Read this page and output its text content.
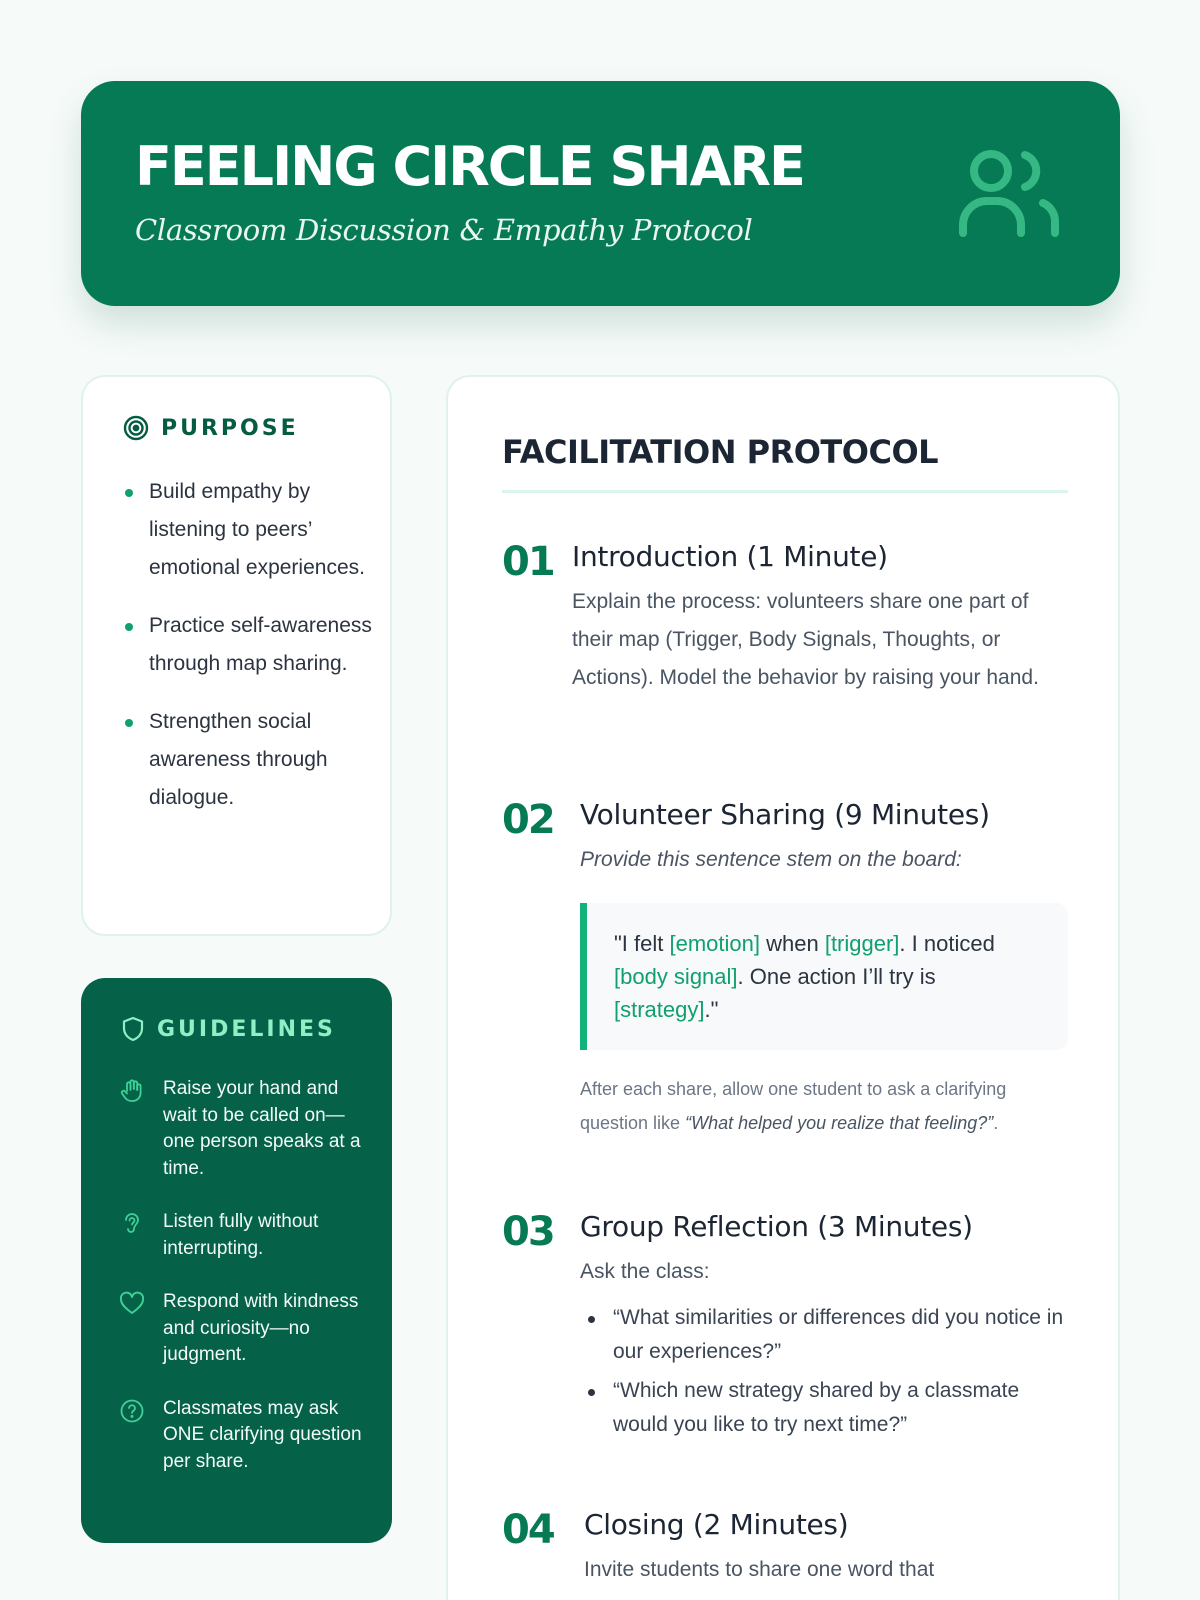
FEELING CIRCLE SHARE
Classroom Discussion & Empathy Protocol
PURPOSE
Build empathy by listening to peers’ emotional experiences.
Practice self-awareness through map sharing.
Strengthen social awareness through dialogue.
GUIDELINES
Raise your hand and wait to be called on—one person speaks at a time.
Listen fully without interrupting.
Respond with kindness and curiosity—no judgment.
Classmates may ask ONE clarifying question per share.
FACILITATION PROTOCOL
01 Introduction (1 Minute)
Explain the process: volunteers share one part of their map (Trigger, Body Signals, Thoughts, or Actions). Model the behavior by raising your hand.
02 Volunteer Sharing (9 Minutes)
Provide this sentence stem on the board:
"I felt [emotion] when [trigger]. I noticed [body signal]. One action I’ll try is [strategy]."
After each share, allow one student to ask a clarifying question like “What helped you realize that feeling?”.
03 Group Reflection (3 Minutes)
Ask the class:
“What similarities or differences did you notice in our experiences?”
“Which new strategy shared by a classmate would you like to try next time?”
04 Closing (2 Minutes)
Invite students to share one word that
